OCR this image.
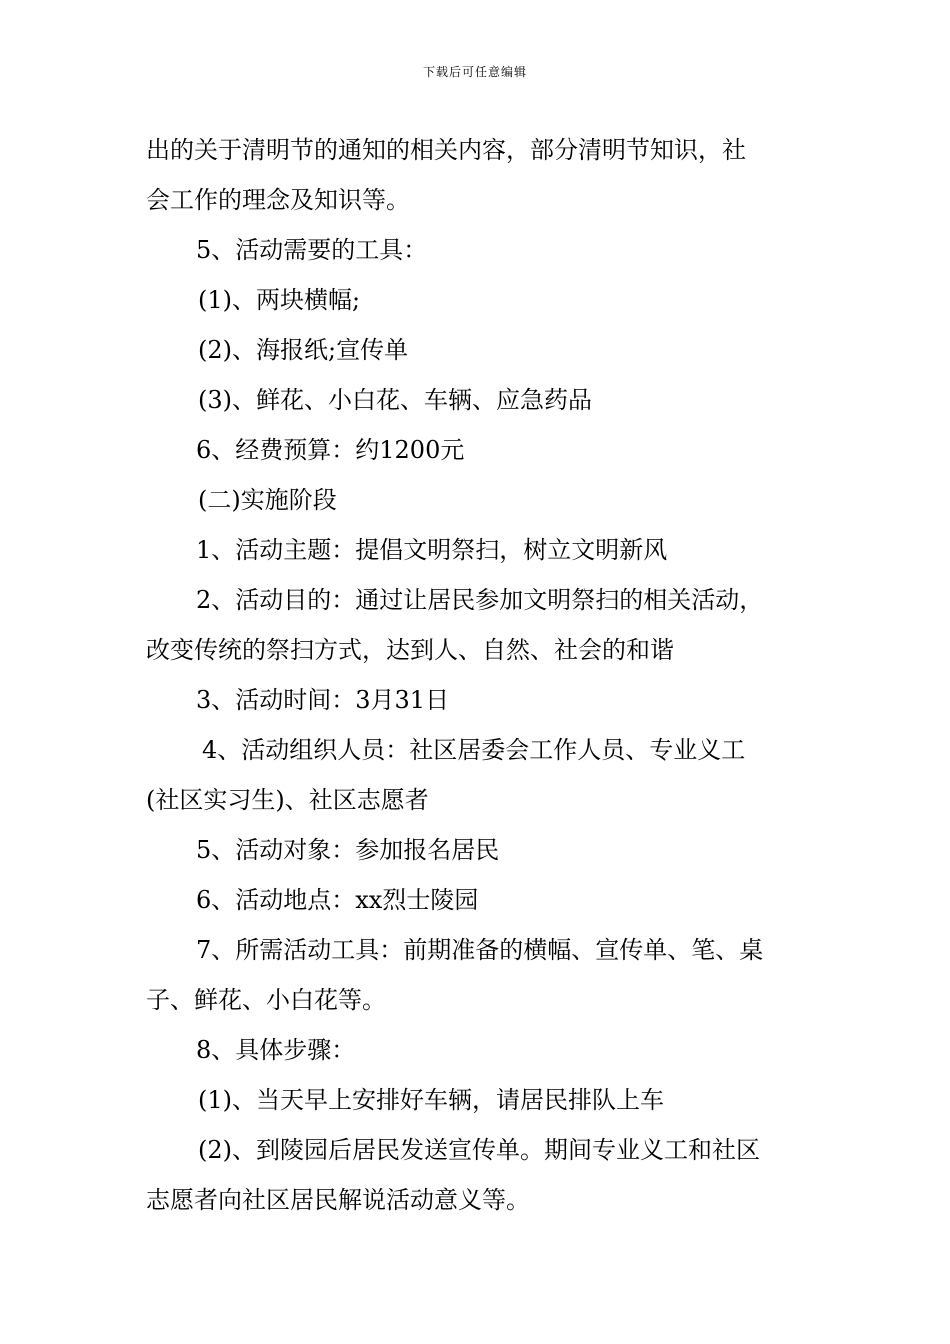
下载后可任意编辑
出的关于清明节的通知的相关内容，部分清明节知识，社
会工作的理念及知识等。
5、活动需要的工具：
(1)、两块横幅;
(2)、海报纸;宣传单
(3)、鲜花、小白花、车辆、应急药品
6、经费预算：约1200元
(二)实施阶段
1、活动主题：提倡文明祭扫，树立文明新风
2、活动目的：通过让居民参加文明祭扫的相关活动，
改变传统的祭扫方式，达到人、自然、社会的和谐
3、活动时间：3月31日
4、活动组织人员：社区居委会工作人员、专业义工
(社区实习生)、社区志愿者
5、活动对象：参加报名居民
6、活动地点：xx烈士陵园
7、所需活动工具：前期准备的横幅、宣传单、笔、桌
子、鲜花、小白花等。
8、具体步骤：
(1)、当天早上安排好车辆，请居民排队上车
(2)、到陵园后居民发送宣传单。期间专业义工和社区
志愿者向社区居民解说活动意义等。
